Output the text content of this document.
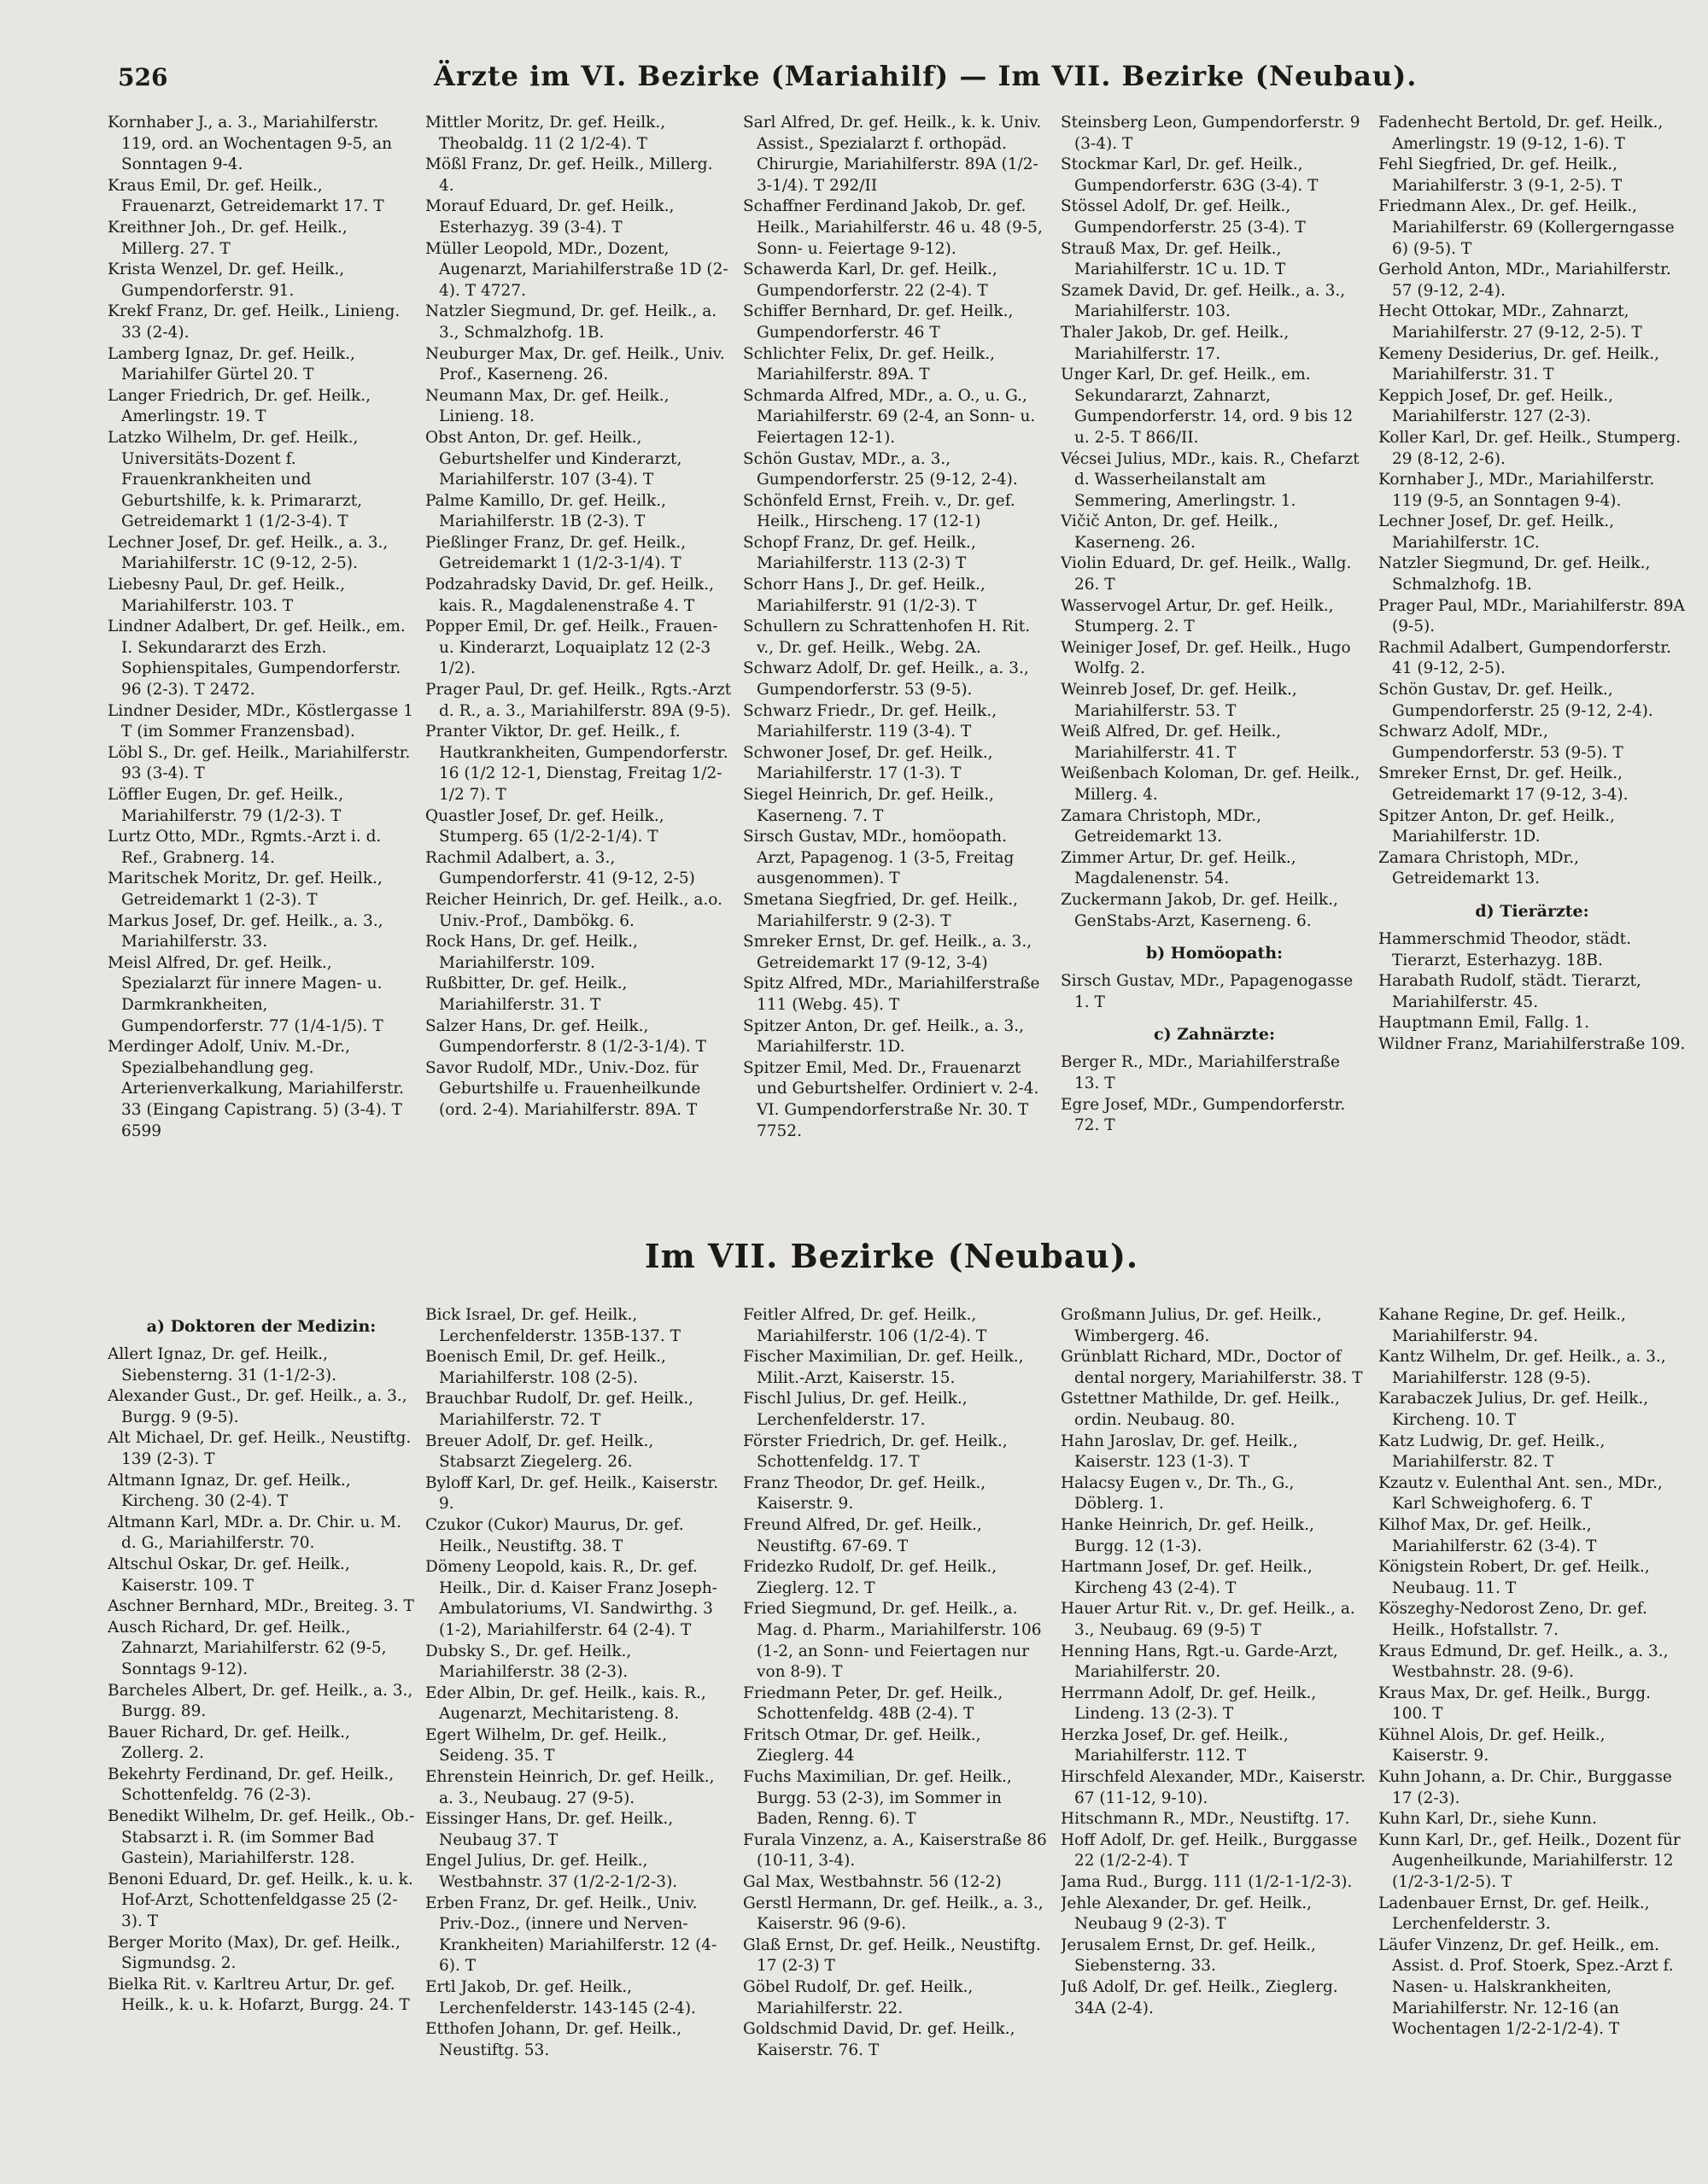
526	Ärzte im VI. Bezirke (Mariahilf) — Im VII. Bezirke (Neubau).
Kornhaber J., a. 3., Mariahilferstr. 119, ord. an Wochentagen 9-5, an Sonntagen 9-4.
Kraus Emil, Dr. gef. Heilk., Frauenarzt, Getreidemarkt 17. T
Kreithner Joh., Dr. gef. Heilk., Millerg. 27. T
Krista Wenzel, Dr. gef. Heilk., Gumpendorferstr. 91.
Krekf Franz, Dr. gef. Heilk., Linieng. 33 (2-4).
Lamberg Ignaz, Dr. gef. Heilk., Mariahilfer Gürtel 20. T
Langer Friedrich, Dr. gef. Heilk., Amerlingstr. 19. T
Latzko Wilhelm, Dr. gef. Heilk., Universitäts-Dozent f. Frauenkrankheiten und Geburtshilfe, k. k. Primararzt, Getreidemarkt 1 (1/2-3-4). T
Lechner Josef, Dr. gef. Heilk., a. 3., Mariahilferstr. 1C (9-12, 2-5).
Liebesny Paul, Dr. gef. Heilk., Mariahilferstr. 103. T
Lindner Adalbert, Dr. gef. Heilk., em. I. Sekundararzt des Erzh. Sophienspitales, Gumpendorferstr. 96 (2-3). T 2472.
Lindner Desider, MDr., Köstlergasse 1 T (im Sommer Franzensbad).
Löbl S., Dr. gef. Heilk., Mariahilferstr. 93 (3-4). T
Löffler Eugen, Dr. gef. Heilk., Mariahilferstr. 79 (1/2-3). T
Lurtz Otto, MDr., Rgmts.-Arzt i. d. Ref., Grabnerg. 14.
Maritschek Moritz, Dr. gef. Heilk., Getreidemarkt 1 (2-3). T
Markus Josef, Dr. gef. Heilk., a. 3., Mariahilferstr. 33.
Meisl Alfred, Dr. gef. Heilk., Spezialarzt für innere Magen- u. Darmkrankheiten, Gumpendorferstr. 77 (1/4-1/5). T
Merdinger Adolf, Univ. M.-Dr., Spezialbehandlung geg. Arterienverkalkung, Mariahilferstr. 33 (Eingang Capistrang. 5) (3-4). T 6599
Mittler Moritz, Dr. gef. Heilk., Theobaldg. 11 (2 1/2-4). T
Mößl Franz, Dr. gef. Heilk., Millerg. 4.
Morauf Eduard, Dr. gef. Heilk., Esterhazyg. 39 (3-4). T
Müller Leopold, MDr., Dozent, Augenarzt, Mariahilferstraße 1D (2-4). T 4727.
Natzler Siegmund, Dr. gef. Heilk., a. 3., Schmalzhofg. 1B.
Neuburger Max, Dr. gef. Heilk., Univ. Prof., Kaserneng. 26.
Neumann Max, Dr. gef. Heilk., Linieng. 18.
Obst Anton, Dr. gef. Heilk., Geburtshelfer und Kinderarzt, Mariahilferstr. 107 (3-4). T
Palme Kamillo, Dr. gef. Heilk., Mariahilferstr. 1B (2-3). T
Pießlinger Franz, Dr. gef. Heilk., Getreidemarkt 1 (1/2-3-1/4). T
Podzahradsky David, Dr. gef. Heilk., kais. R., Magdalenenstraße 4. T
Popper Emil, Dr. gef. Heilk., Frauen- u. Kinderarzt, Loquaiplatz 12 (2-3 1/2).
Prager Paul, Dr. gef. Heilk., Rgts.-Arzt d. R., a. 3., Mariahilferstr. 89A (9-5).
Pranter Viktor, Dr. gef. Heilk., f. Hautkrankheiten, Gumpendorferstr. 16 (1/2 12-1, Dienstag, Freitag 1/2-1/2 7). T
Quastler Josef, Dr. gef. Heilk., Stumperg. 65 (1/2-2-1/4). T
Rachmil Adalbert, a. 3., Gumpendorferstr. 41 (9-12, 2-5)
Reicher Heinrich, Dr. gef. Heilk., a.o. Univ.-Prof., Dambökg. 6.
Rock Hans, Dr. gef. Heilk., Mariahilferstr. 109.
Rußbitter, Dr. gef. Heilk., Mariahilferstr. 31. T
Salzer Hans, Dr. gef. Heilk., Gumpendorferstr. 8 (1/2-3-1/4). T
Savor Rudolf, MDr., Univ.-Doz. für Geburtshilfe u. Frauenheilkunde (ord. 2-4). Mariahilferstr. 89A. T
Sarl Alfred, Dr. gef. Heilk., k. k. Univ. Assist., Spezialarzt f. orthopäd. Chirurgie, Mariahilferstr. 89A (1/2-3-1/4). T 292/II
Schaffner Ferdinand Jakob, Dr. gef. Heilk., Mariahilferstr. 46 u. 48 (9-5, Sonn- u. Feiertage 9-12).
Schawerda Karl, Dr. gef. Heilk., Gumpendorferstr. 22 (2-4). T
Schiffer Bernhard, Dr. gef. Heilk., Gumpendorferstr. 46 T
Schlichter Felix, Dr. gef. Heilk., Mariahilferstr. 89A. T
Schmarda Alfred, MDr., a. O., u. G., Mariahilferstr. 69 (2-4, an Sonn- u. Feiertagen 12-1).
Schön Gustav, MDr., a. 3., Gumpendorferstr. 25 (9-12, 2-4).
Schönfeld Ernst, Freih. v., Dr. gef. Heilk., Hirscheng. 17 (12-1)
Schopf Franz, Dr. gef. Heilk., Mariahilferstr. 113 (2-3) T
Schorr Hans J., Dr. gef. Heilk., Mariahilferstr. 91 (1/2-3). T
Schullern zu Schrattenhofen H. Rit. v., Dr. gef. Heilk., Webg. 2A.
Schwarz Adolf, Dr. gef. Heilk., a. 3., Gumpendorferstr. 53 (9-5).
Schwarz Friedr., Dr. gef. Heilk., Mariahilferstr. 119 (3-4). T
Schwoner Josef, Dr. gef. Heilk., Mariahilferstr. 17 (1-3). T
Siegel Heinrich, Dr. gef. Heilk., Kaserneng. 7. T
Sirsch Gustav, MDr., homöopath. Arzt, Papagenog. 1 (3-5, Freitag ausgenommen). T
Smetana Siegfried, Dr. gef. Heilk., Mariahilferstr. 9 (2-3). T
Smreker Ernst, Dr. gef. Heilk., a. 3., Getreidemarkt 17 (9-12, 3-4)
Spitz Alfred, MDr., Mariahilferstraße 111 (Webg. 45). T
Spitzer Anton, Dr. gef. Heilk., a. 3., Mariahilferstr. 1D.
Spitzer Emil, Med. Dr., Frauenarzt und Geburtshelfer. Ordiniert v. 2-4. VI. Gumpendorferstraße Nr. 30. T 7752.
Steinsberg Leon, Gumpendorferstr. 9 (3-4). T
Stockmar Karl, Dr. gef. Heilk., Gumpendorferstr. 63G (3-4). T
Stössel Adolf, Dr. gef. Heilk., Gumpendorferstr. 25 (3-4). T
Strauß Max, Dr. gef. Heilk., Mariahilferstr. 1C u. 1D. T
Szamek David, Dr. gef. Heilk., a. 3., Mariahilferstr. 103.
Thaler Jakob, Dr. gef. Heilk., Mariahilferstr. 17.
Unger Karl, Dr. gef. Heilk., em. Sekundararzt, Zahnarzt, Gumpendorferstr. 14, ord. 9 bis 12 u. 2-5. T 866/II.
Vécsei Julius, MDr., kais. R., Chefarzt d. Wasserheilanstalt am Semmering, Amerlingstr. 1.
Vičič Anton, Dr. gef. Heilk., Kaserneng. 26.
Violin Eduard, Dr. gef. Heilk., Wallg. 26. T
Wasservogel Artur, Dr. gef. Heilk., Stumperg. 2. T
Weiniger Josef, Dr. gef. Heilk., Hugo Wolfg. 2.
Weinreb Josef, Dr. gef. Heilk., Mariahilferstr. 53. T
Weiß Alfred, Dr. gef. Heilk., Mariahilferstr. 41. T
Weißenbach Koloman, Dr. gef. Heilk., Millerg. 4.
Zamara Christoph, MDr., Getreidemarkt 13.
Zimmer Artur, Dr. gef. Heilk., Magdalenenstr. 54.
Zuckermann Jakob, Dr. gef. Heilk., GenStabs-Arzt, Kaserneng. 6.
b) Homöopath:
Sirsch Gustav, MDr., Papagenogasse 1. T
c) Zahnärzte:
Berger R., MDr., Mariahilferstraße 13. T
Egre Josef, MDr., Gumpendorferstr. 72. T
Fadenhecht Bertold, Dr. gef. Heilk., Amerlingstr. 19 (9-12, 1-6). T
Fehl Siegfried, Dr. gef. Heilk., Mariahilferstr. 3 (9-1, 2-5). T
Friedmann Alex., Dr. gef. Heilk., Mariahilferstr. 69 (Kollergerngasse 6) (9-5). T
Gerhold Anton, MDr., Mariahilferstr. 57 (9-12, 2-4).
Hecht Ottokar, MDr., Zahnarzt, Mariahilferstr. 27 (9-12, 2-5). T
Kemeny Desiderius, Dr. gef. Heilk., Mariahilferstr. 31. T
Keppich Josef, Dr. gef. Heilk., Mariahilferstr. 127 (2-3).
Koller Karl, Dr. gef. Heilk., Stumperg. 29 (8-12, 2-6).
Kornhaber J., MDr., Mariahilferstr. 119 (9-5, an Sonntagen 9-4).
Lechner Josef, Dr. gef. Heilk., Mariahilferstr. 1C.
Natzler Siegmund, Dr. gef. Heilk., Schmalzhofg. 1B.
Prager Paul, MDr., Mariahilferstr. 89A (9-5).
Rachmil Adalbert, Gumpendorferstr. 41 (9-12, 2-5).
Schön Gustav, Dr. gef. Heilk., Gumpendorferstr. 25 (9-12, 2-4).
Schwarz Adolf, MDr., Gumpendorferstr. 53 (9-5). T
Smreker Ernst, Dr. gef. Heilk., Getreidemarkt 17 (9-12, 3-4).
Spitzer Anton, Dr. gef. Heilk., Mariahilferstr. 1D.
Zamara Christoph, MDr., Getreidemarkt 13.
d) Tierärzte:
Hammerschmid Theodor, städt. Tierarzt, Esterhazyg. 18B.
Harabath Rudolf, städt. Tierarzt, Mariahilferstr. 45.
Hauptmann Emil, Fallg. 1.
Wildner Franz, Mariahilferstraße 109.
Im VII. Bezirke (Neubau).
a) Doktoren der Medizin:
Allert Ignaz, Dr. gef. Heilk., Siebensterng. 31 (1-1/2-3).
Alexander Gust., Dr. gef. Heilk., a. 3., Burgg. 9 (9-5).
Alt Michael, Dr. gef. Heilk., Neustiftg. 139 (2-3). T
Altmann Ignaz, Dr. gef. Heilk., Kircheng. 30 (2-4). T
Altmann Karl, MDr. a. Dr. Chir. u. M. d. G., Mariahilferstr. 70.
Altschul Oskar, Dr. gef. Heilk., Kaiserstr. 109. T
Aschner Bernhard, MDr., Breiteg. 3. T
Ausch Richard, Dr. gef. Heilk., Zahnarzt, Mariahilferstr. 62 (9-5, Sonntags 9-12).
Barcheles Albert, Dr. gef. Heilk., a. 3., Burgg. 89.
Bauer Richard, Dr. gef. Heilk., Zollerg. 2.
Bekehrty Ferdinand, Dr. gef. Heilk., Schottenfeldg. 76 (2-3).
Benedikt Wilhelm, Dr. gef. Heilk., Ob.-Stabsarzt i. R. (im Sommer Bad Gastein), Mariahilferstr. 128.
Benoni Eduard, Dr. gef. Heilk., k. u. k. Hof-Arzt, Schottenfeldgasse 25 (2-3). T
Berger Morito (Max), Dr. gef. Heilk., Sigmundsg. 2.
Bielka Rit. v. Karltreu Artur, Dr. gef. Heilk., k. u. k. Hofarzt, Burgg. 24. T
Bick Israel, Dr. gef. Heilk., Lerchenfelderstr. 135B-137. T
Boenisch Emil, Dr. gef. Heilk., Mariahilferstr. 108 (2-5).
Brauchbar Rudolf, Dr. gef. Heilk., Mariahilferstr. 72. T
Breuer Adolf, Dr. gef. Heilk., Stabsarzt Ziegelerg. 26.
Byloff Karl, Dr. gef. Heilk., Kaiserstr. 9.
Czukor (Cukor) Maurus, Dr. gef. Heilk., Neustiftg. 38. T
Dömeny Leopold, kais. R., Dr. gef. Heilk., Dir. d. Kaiser Franz Joseph-Ambulatoriums, VI. Sandwirthg. 3 (1-2), Mariahilferstr. 64 (2-4). T
Dubsky S., Dr. gef. Heilk., Mariahilferstr. 38 (2-3).
Eder Albin, Dr. gef. Heilk., kais. R., Augenarzt, Mechitaristeng. 8.
Egert Wilhelm, Dr. gef. Heilk., Seideng. 35. T
Ehrenstein Heinrich, Dr. gef. Heilk., a. 3., Neubaug. 27 (9-5).
Eissinger Hans, Dr. gef. Heilk., Neubaug 37. T
Engel Julius, Dr. gef. Heilk., Westbahnstr. 37 (1/2-2-1/2-3).
Erben Franz, Dr. gef. Heilk., Univ. Priv.-Doz., (innere und Nerven-Krankheiten) Mariahilferstr. 12 (4-6). T
Ertl Jakob, Dr. gef. Heilk., Lerchenfelderstr. 143-145 (2-4).
Etthofen Johann, Dr. gef. Heilk., Neustiftg. 53.
Feitler Alfred, Dr. gef. Heilk., Mariahilferstr. 106 (1/2-4). T
Fischer Maximilian, Dr. gef. Heilk., Milit.-Arzt, Kaiserstr. 15.
Fischl Julius, Dr. gef. Heilk., Lerchenfelderstr. 17.
Förster Friedrich, Dr. gef. Heilk., Schottenfeldg. 17. T
Franz Theodor, Dr. gef. Heilk., Kaiserstr. 9.
Freund Alfred, Dr. gef. Heilk., Neustiftg. 67-69. T
Fridezko Rudolf, Dr. gef. Heilk., Zieglerg. 12. T
Fried Siegmund, Dr. gef. Heilk., a. Mag. d. Pharm., Mariahilferstr. 106 (1-2, an Sonn- und Feiertagen nur von 8-9). T
Friedmann Peter, Dr. gef. Heilk., Schottenfeldg. 48B (2-4). T
Fritsch Otmar, Dr. gef. Heilk., Zieglerg. 44
Fuchs Maximilian, Dr. gef. Heilk., Burgg. 53 (2-3), im Sommer in Baden, Renng. 6). T
Furala Vinzenz, a. A., Kaiserstraße 86 (10-11, 3-4).
Gal Max, Westbahnstr. 56 (12-2)
Gerstl Hermann, Dr. gef. Heilk., a. 3., Kaiserstr. 96 (9-6).
Glaß Ernst, Dr. gef. Heilk., Neustiftg. 17 (2-3) T
Göbel Rudolf, Dr. gef. Heilk., Mariahilferstr. 22.
Goldschmid David, Dr. gef. Heilk., Kaiserstr. 76. T
Großmann Julius, Dr. gef. Heilk., Wimbergerg. 46.
Grünblatt Richard, MDr., Doctor of dental norgery, Mariahilferstr. 38. T
Gstettner Mathilde, Dr. gef. Heilk., ordin. Neubaug. 80.
Hahn Jaroslav, Dr. gef. Heilk., Kaiserstr. 123 (1-3). T
Halacsy Eugen v., Dr. Th., G., Döblerg. 1.
Hanke Heinrich, Dr. gef. Heilk., Burgg. 12 (1-3).
Hartmann Josef, Dr. gef. Heilk., Kircheng 43 (2-4). T
Hauer Artur Rit. v., Dr. gef. Heilk., a. 3., Neubaug. 69 (9-5) T
Henning Hans, Rgt.-u. Garde-Arzt, Mariahilferstr. 20.
Herrmann Adolf, Dr. gef. Heilk., Lindeng. 13 (2-3). T
Herzka Josef, Dr. gef. Heilk., Mariahilferstr. 112. T
Hirschfeld Alexander, MDr., Kaiserstr. 67 (11-12, 9-10).
Hitschmann R., MDr., Neustiftg. 17.
Hoff Adolf, Dr. gef. Heilk., Burggasse 22 (1/2-2-4). T
Jama Rud., Burgg. 111 (1/2-1-1/2-3).
Jehle Alexander, Dr. gef. Heilk., Neubaug 9 (2-3). T
Jerusalem Ernst, Dr. gef. Heilk., Siebensterng. 33.
Juß Adolf, Dr. gef. Heilk., Zieglerg. 34A (2-4).
Kahane Regine, Dr. gef. Heilk., Mariahilferstr. 94.
Kantz Wilhelm, Dr. gef. Heilk., a. 3., Mariahilferstr. 128 (9-5).
Karabaczek Julius, Dr. gef. Heilk., Kircheng. 10. T
Katz Ludwig, Dr. gef. Heilk., Mariahilferstr. 82. T
Kzautz v. Eulenthal Ant. sen., MDr., Karl Schweighoferg. 6. T
Kilhof Max, Dr. gef. Heilk., Mariahilferstr. 62 (3-4). T
Königstein Robert, Dr. gef. Heilk., Neubaug. 11. T
Köszeghy-Nedorost Zeno, Dr. gef. Heilk., Hofstallstr. 7.
Kraus Edmund, Dr. gef. Heilk., a. 3., Westbahnstr. 28. (9-6).
Kraus Max, Dr. gef. Heilk., Burgg. 100. T
Kühnel Alois, Dr. gef. Heilk., Kaiserstr. 9.
Kuhn Johann, a. Dr. Chir., Burggasse 17 (2-3).
Kuhn Karl, Dr., siehe Kunn.
Kunn Karl, Dr., gef. Heilk., Dozent für Augenheilkunde, Mariahilferstr. 12 (1/2-3-1/2-5). T
Ladenbauer Ernst, Dr. gef. Heilk., Lerchenfelderstr. 3.
Läufer Vinzenz, Dr. gef. Heilk., em. Assist. d. Prof. Stoerk, Spez.-Arzt f. Nasen- u. Halskrankheiten, Mariahilferstr. Nr. 12-16 (an Wochentagen 1/2-2-1/2-4). T
